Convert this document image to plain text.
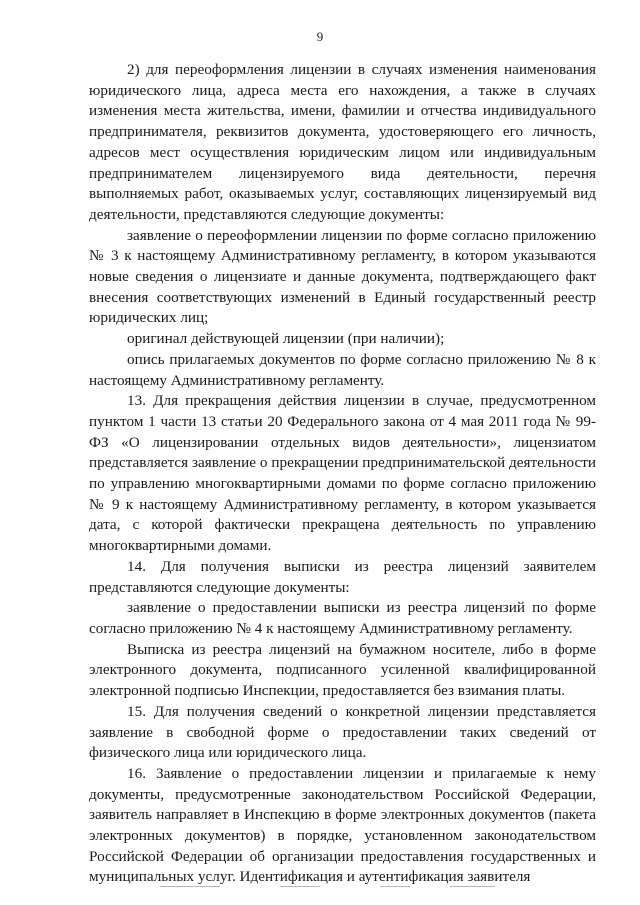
9

2) для переоформления лицензии в случаях изменения наименования юридического лица, адреса места его нахождения, а также в случаях изменения места жительства, имени, фамилии и отчества индивидуального предпринимателя, реквизитов документа, удостоверяющего его личность, адресов мест осуществления юридическим лицом или индивидуальным предпринимателем лицензируемого вида деятельности, перечня выполняемых работ, оказываемых услуг, составляющих лицензируемый вид деятельности, представляются следующие документы:

заявление о переоформлении лицензии по форме согласно приложению № 3 к настоящему Административному регламенту, в котором указываются новые сведения о лицензиате и данные документа, подтверждающего факт внесения соответствующих изменений в Единый государственный реестр юридических лиц;

оригинал действующей лицензии (при наличии);

опись прилагаемых документов по форме согласно приложению № 8 к настоящему Административному регламенту.

13. Для прекращения действия лицензии в случае, предусмотренном пунктом 1 части 13 статьи 20 Федерального закона от 4 мая 2011 года № 99-ФЗ «О лицензировании отдельных видов деятельности», лицензиатом представляется заявление о прекращении предпринимательской деятельности по управлению многоквартирными домами по форме согласно приложению № 9 к настоящему Административному регламенту, в котором указывается дата, с которой фактически прекращена деятельность по управлению многоквартирными домами.

14. Для получения выписки из реестра лицензий заявителем представляются следующие документы:

заявление о предоставлении выписки из реестра лицензий по форме согласно приложению № 4 к настоящему Административному регламенту.

Выписка из реестра лицензий на бумажном носителе, либо в форме электронного документа, подписанного усиленной квалифицированной электронной подписью Инспекции, предоставляется без взимания платы.

15. Для получения сведений о конкретной лицензии представляется заявление в свободной форме о предоставлении таких сведений от физического лица или юридического лица.

16. Заявление о предоставлении лицензии и прилагаемые к нему документы, предусмотренные законодательством Российской Федерации, заявитель направляет в Инспекцию в форме электронных документов (пакета электронных документов) в порядке, установленном законодательством Российской Федерации об организации предоставления государственных и муниципальных услуг. Идентификация и аутентификация заявителя
